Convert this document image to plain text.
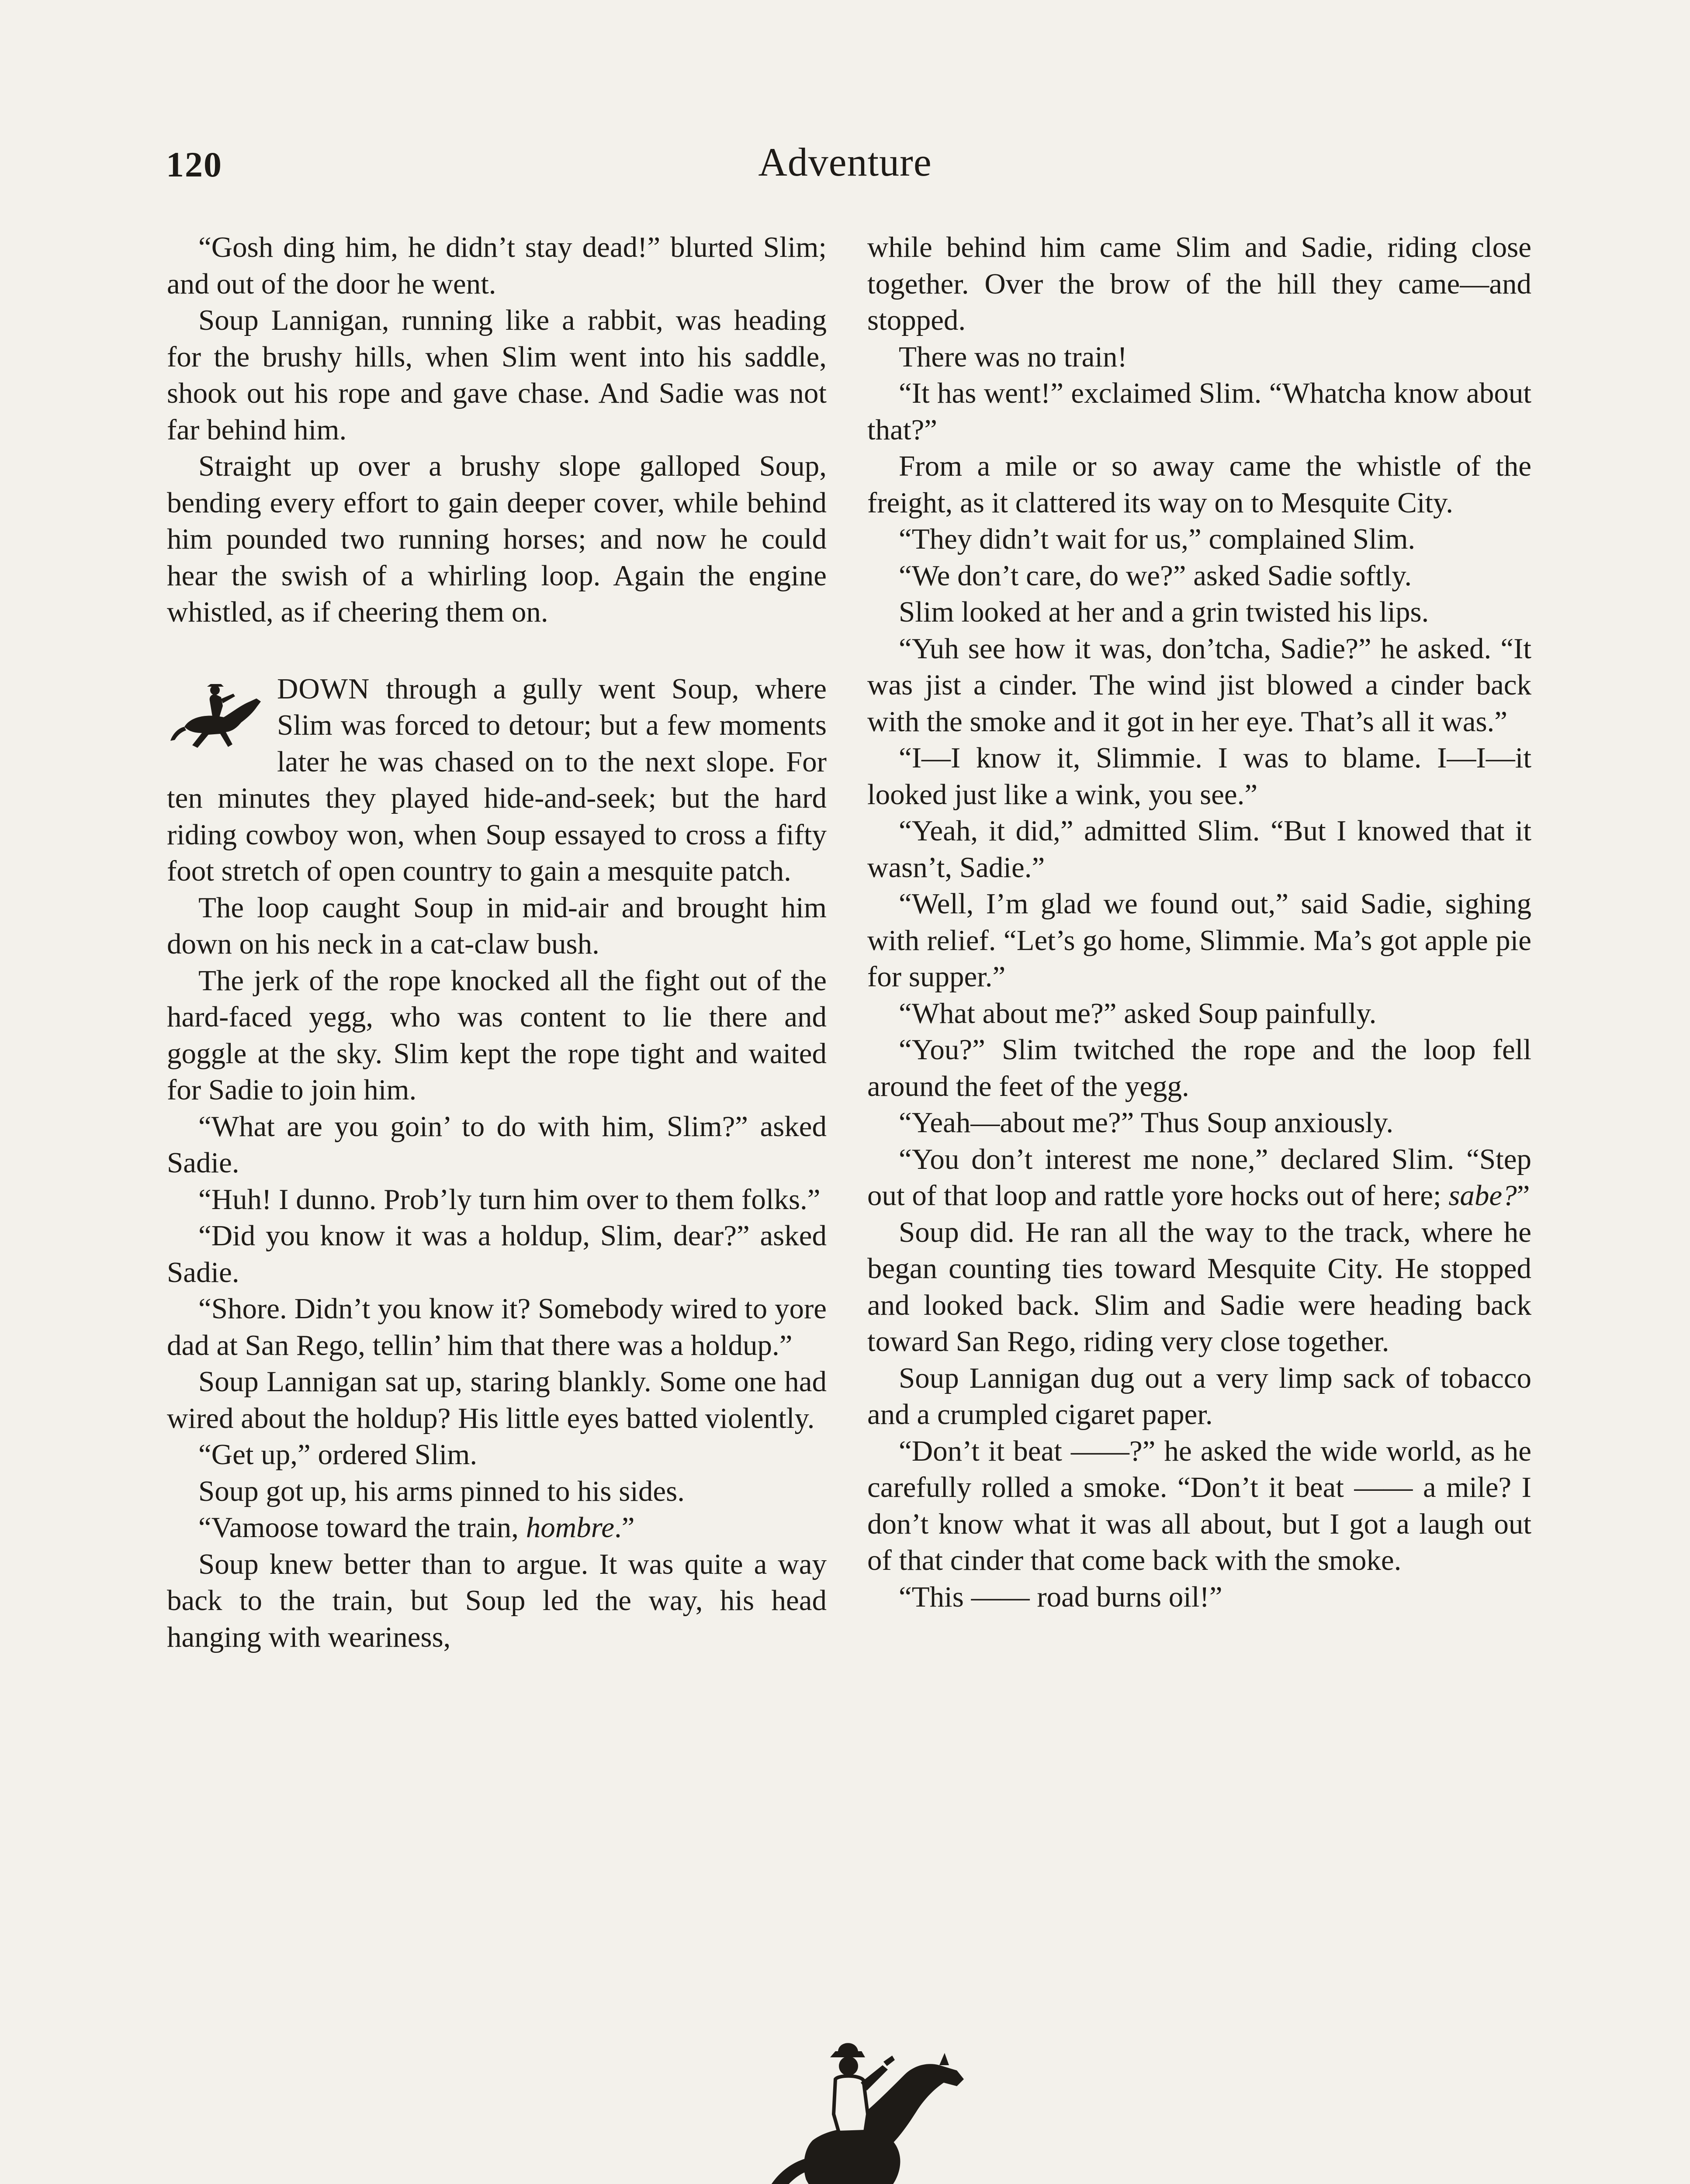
120	Adventure

“Gosh ding him, he didn’t stay dead!” blurted Slim; and out of the door he went.

Soup Lannigan, running like a rabbit, was heading for the brushy hills, when Slim went into his saddle, shook out his rope and gave chase. And Sadie was not far behind him.

Straight up over a brushy slope galloped Soup, bending every effort to gain deeper cover, while behind him pounded two running horses; and now he could hear the swish of a whirling loop. Again the engine whistled, as if cheering them on.

DOWN through a gully went Soup, where Slim was forced to detour; but a few moments later he was chased on to the next slope. For ten minutes they played hide-and-seek; but the hard riding cowboy won, when Soup essayed to cross a fifty foot stretch of open country to gain a mesquite patch.

The loop caught Soup in mid-air and brought him down on his neck in a cat-claw bush.

The jerk of the rope knocked all the fight out of the hard-faced yegg, who was content to lie there and goggle at the sky. Slim kept the rope tight and waited for Sadie to join him.

“What are you goin’ to do with him, Slim?” asked Sadie.

“Huh! I dunno. Prob’ly turn him over to them folks.”

“Did you know it was a holdup, Slim, dear?” asked Sadie.

“Shore. Didn’t you know it? Somebody wired to yore dad at San Rego, tellin’ him that there was a holdup.”

Soup Lannigan sat up, staring blankly. Some one had wired about the holdup? His little eyes batted violently.

“Get up,” ordered Slim.

Soup got up, his arms pinned to his sides.

“Vamoose toward the train, hombre.”

Soup knew better than to argue. It was quite a way back to the train, but Soup led the way, his head hanging with weariness,

while behind him came Slim and Sadie, riding close together. Over the brow of the hill they came—and stopped.

There was no train!

“It has went!” exclaimed Slim. “Whatcha know about that?”

From a mile or so away came the whistle of the freight, as it clattered its way on to Mesquite City.

“They didn’t wait for us,” complained Slim.

“We don’t care, do we?” asked Sadie softly.

Slim looked at her and a grin twisted his lips.

“Yuh see how it was, don’tcha, Sadie?” he asked. “It was jist a cinder. The wind jist blowed a cinder back with the smoke and it got in her eye. That’s all it was.”

“I—I know it, Slimmie. I was to blame. I—I—it looked just like a wink, you see.”

“Yeah, it did,” admitted Slim. “But I knowed that it wasn’t, Sadie.”

“Well, I’m glad we found out,” said Sadie, sighing with relief. “Let’s go home, Slimmie. Ma’s got apple pie for supper.”

“What about me?” asked Soup painfully.

“You?” Slim twitched the rope and the loop fell around the feet of the yegg.

“Yeah—about me?” Thus Soup anxiously.

“You don’t interest me none,” declared Slim. “Step out of that loop and rattle yore hocks out of here; sabe?”

Soup did. He ran all the way to the track, where he began counting ties toward Mesquite City. He stopped and looked back. Slim and Sadie were heading back toward San Rego, riding very close together.

Soup Lannigan dug out a very limp sack of tobacco and a crumpled cigaret paper.

“Don’t it beat ——?” he asked the wide world, as he carefully rolled a smoke. “Don’t it beat —— a mile? I don’t know what it was all about, but I got a laugh out of that cinder that come back with the smoke.

“This —— road burns oil!”
